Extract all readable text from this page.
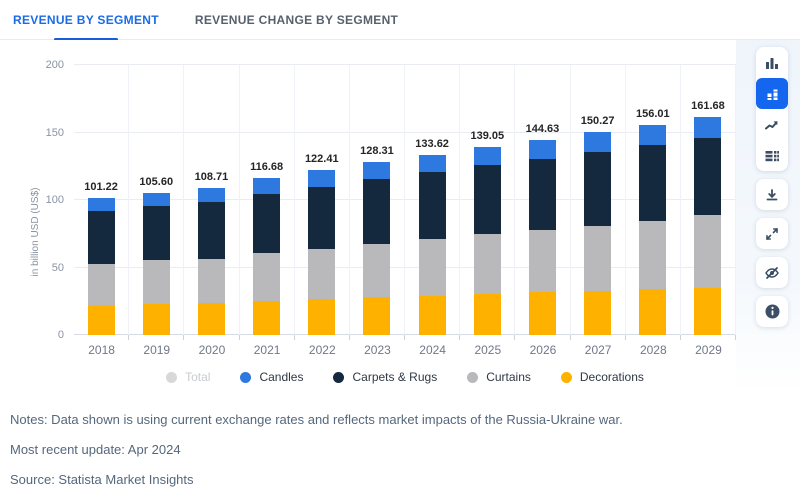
REVENUE BY SEGMENT	REVENUE CHANGE BY SEGMENT
in billion USD (US$)
0
50
100
150
200
101.22 105.60 108.71
116.68
122.41
128.31
133.62
139.05
144.63
150.27
156.01
161.68
2018	2019	2020	2021	2022	2023	2024	2025	2026	2027	2028	2029
Total	Candles	Carpets & Rugs	Curtains	Decorations
Notes: Data shown is using current exchange rates and reflects market impacts of the Russia-Ukraine war.
Most recent update: Apr 2024
Source: Statista Market Insights
